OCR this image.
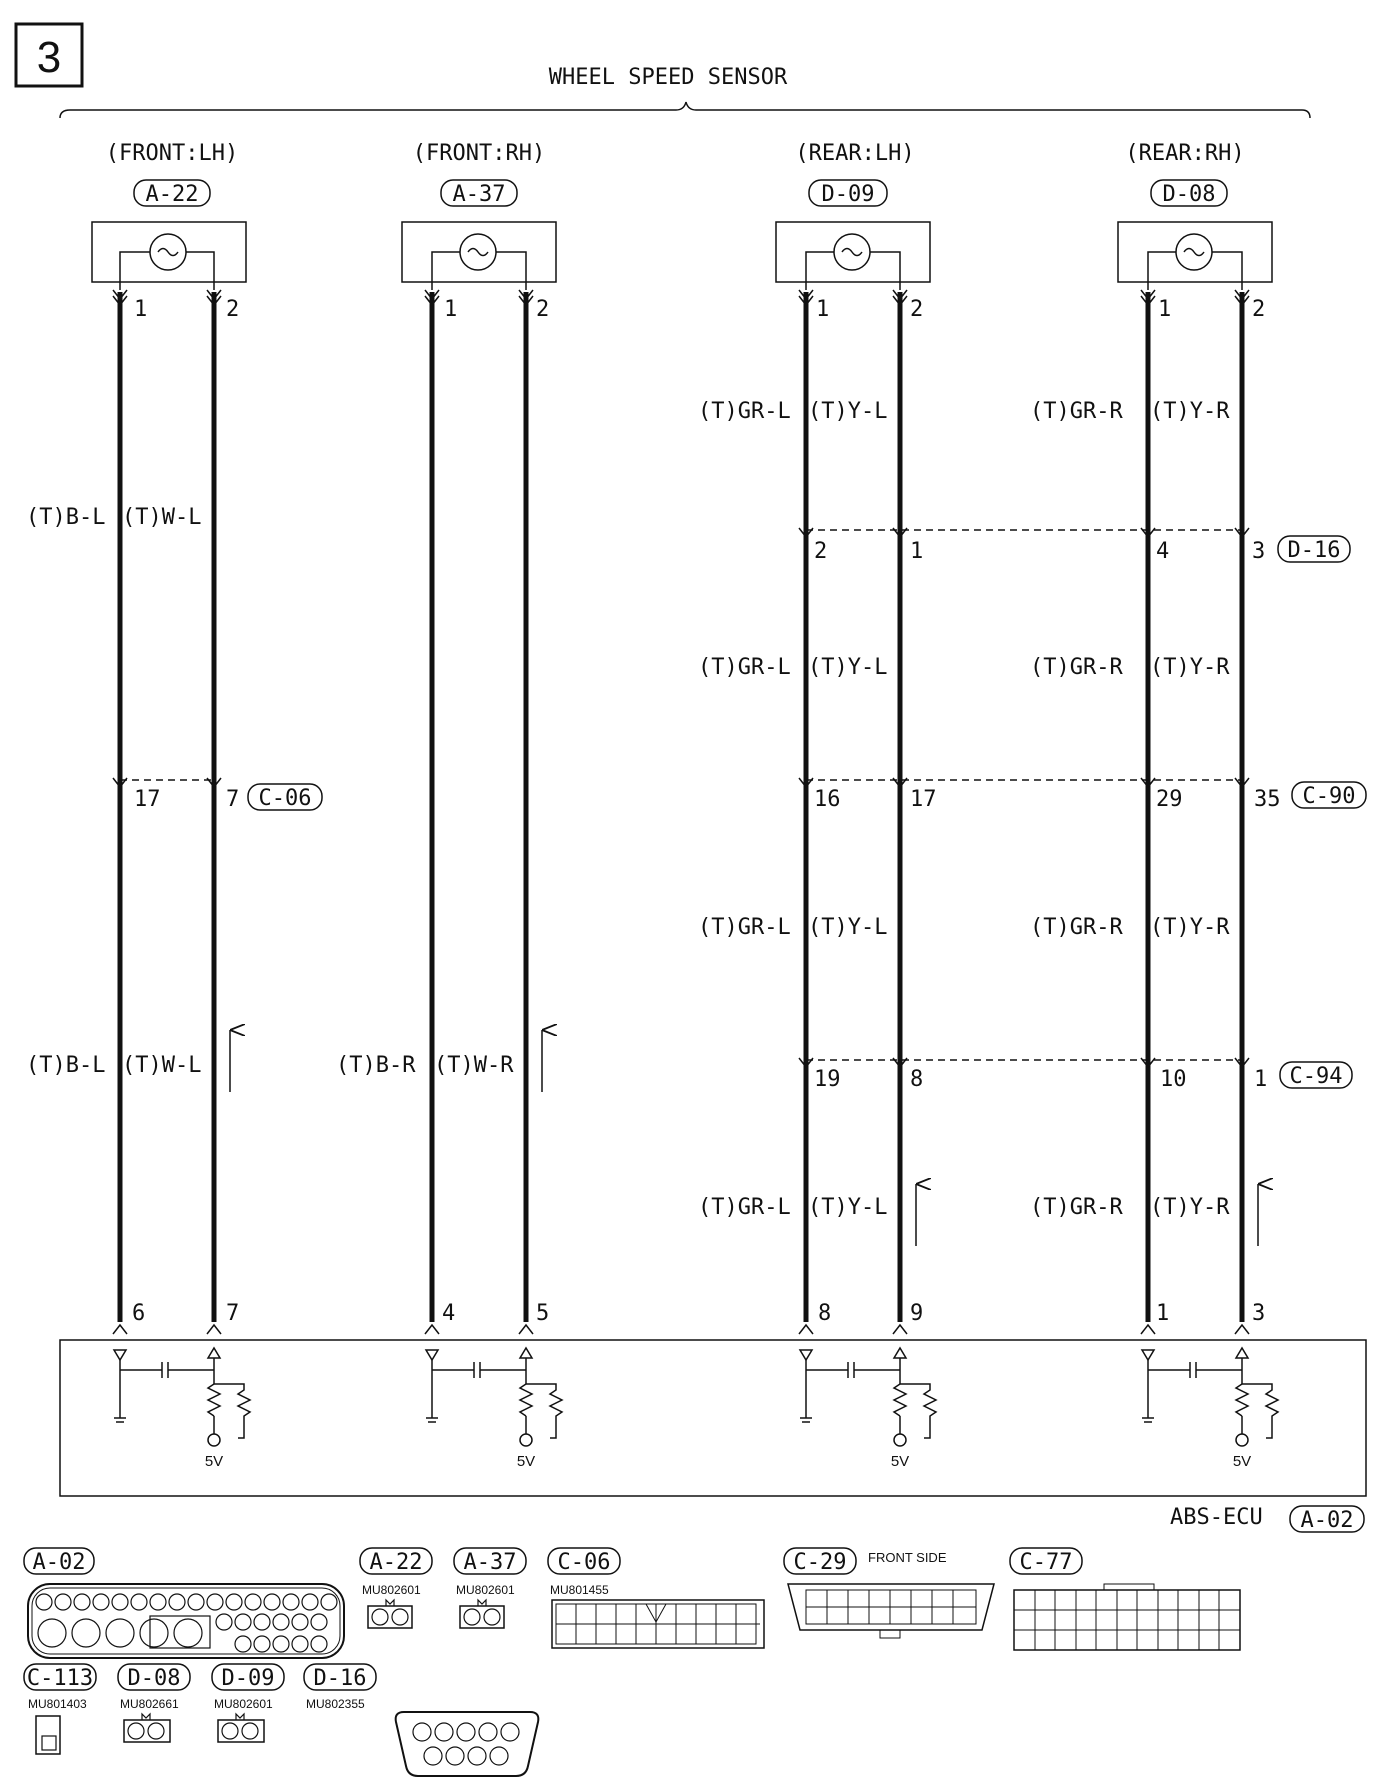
3	WHEEL SPEED SENSOR
(FRONT:LH)
A-22
(FRONT:RH)
A-37
(REAR:LH)
D-09
(REAR:RH)
D-08
1	2	1	2	1	2	1	2
(T)B-L (T)W-L
(T)B-L (T)W-L	(T)B-R (T)W-R
(T)GR-L (T)Y-L	(T)GR-R (T)Y-R
(T)GR-L (T)Y-L	(T)GR-R (T)Y-R
(T)GR-L (T)Y-L	(T)GR-R (T)Y-R
(T)GR-L (T)Y-L	(T)GR-R (T)Y-R
2	1	4	3 D-16
17	7 C-06	16	17	29	35 C-90
19	8	10	1 C-94
6	7	4	5	8	9	1	3
5V	5V	5V	5V
ABS-ECU A-02
A-02	A-22
MU802601
A-37
MU802601
C-06
MU801455
C-29 FRONT SIDE	C-77
C-113
MU801403
D-08
MU802661
D-09
MU802601
D-16
MU802355
